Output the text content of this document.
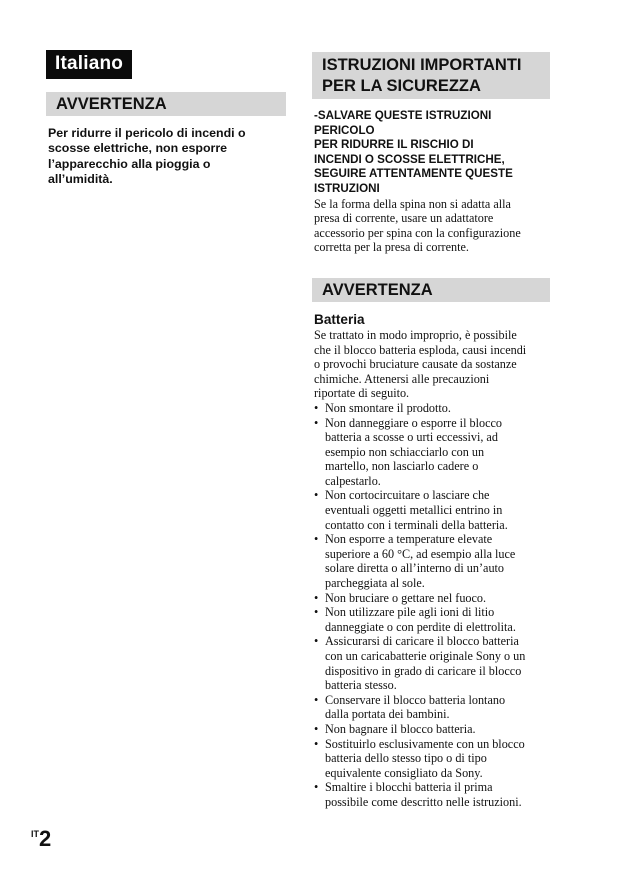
Italiano
AVVERTENZA
Per ridurre il pericolo di incendi o
scosse elettriche, non esporre
l’apparecchio alla pioggia o
all’umidità.
ISTRUZIONI IMPORTANTI
PER LA SICUREZZA
-SALVARE QUESTE ISTRUZIONI
PERICOLO
PER RIDURRE IL RISCHIO DI
INCENDI O SCOSSE ELETTRICHE,
SEGUIRE ATTENTAMENTE QUESTE
ISTRUZIONI
Se la forma della spina non si adatta alla
presa di corrente, usare un adattatore
accessorio per spina con la configurazione
corretta per la presa di corrente.
AVVERTENZA
Batteria
Se trattato in modo improprio, è possibile
che il blocco batteria esploda, causi incendi
o provochi bruciature causate da sostanze
chimiche. Attenersi alle precauzioni
riportate di seguito.
• Non smontare il prodotto.
• Non danneggiare o esporre il blocco
batteria a scosse o urti eccessivi, ad
esempio non schiacciarlo con un
martello, non lasciarlo cadere o
calpestarlo.
• Non cortocircuitare o lasciare che
eventuali oggetti metallici entrino in
contatto con i terminali della batteria.
• Non esporre a temperature elevate
superiore a 60 °C, ad esempio alla luce
solare diretta o all’interno di un’auto
parcheggiata al sole.
• Non bruciare o gettare nel fuoco.
• Non utilizzare pile agli ioni di litio
danneggiate o con perdite di elettrolita.
• Assicurarsi di caricare il blocco batteria
con un caricabatterie originale Sony o un
dispositivo in grado di caricare il blocco
batteria stesso.
• Conservare il blocco batteria lontano
dalla portata dei bambini.
• Non bagnare il blocco batteria.
• Sostituirlo esclusivamente con un blocco
batteria dello stesso tipo o di tipo
equivalente consigliato da Sony.
• Smaltire i blocchi batteria il prima
possibile come descritto nelle istruzioni.
$^{IT}$2
